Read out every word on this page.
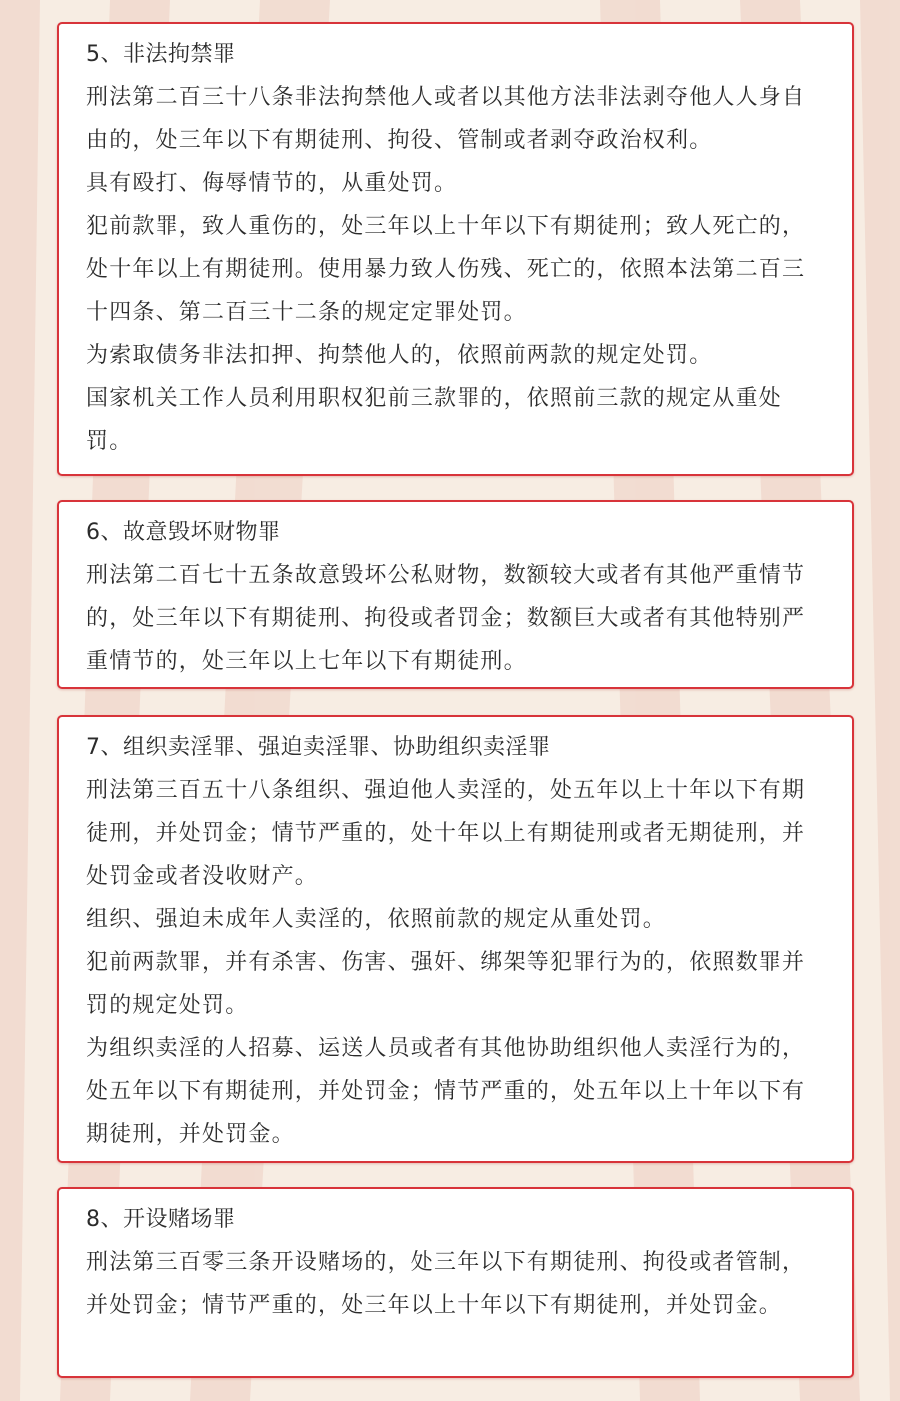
5、非法拘禁罪

刑法第二百三十八条非法拘禁他人或者以其他方法非法剥夺他人人身自由的，处三年以下有期徒刑、拘役、管制或者剥夺政治权利。

具有殴打、侮辱情节的，从重处罚。

犯前款罪，致人重伤的，处三年以上十年以下有期徒刑；致人死亡的，处十年以上有期徒刑。使用暴力致人伤残、死亡的，依照本法第二百三十四条、第二百三十二条的规定定罪处罚。

为索取债务非法扣押、拘禁他人的，依照前两款的规定处罚。

国家机关工作人员利用职权犯前三款罪的，依照前三款的规定从重处罚。

6、故意毁坏财物罪

刑法第二百七十五条故意毁坏公私财物，数额较大或者有其他严重情节的，处三年以下有期徒刑、拘役或者罚金；数额巨大或者有其他特别严重情节的，处三年以上七年以下有期徒刑。

7、组织卖淫罪、强迫卖淫罪、协助组织卖淫罪

刑法第三百五十八条组织、强迫他人卖淫的，处五年以上十年以下有期徒刑，并处罚金；情节严重的，处十年以上有期徒刑或者无期徒刑，并处罚金或者没收财产。

组织、强迫未成年人卖淫的，依照前款的规定从重处罚。

犯前两款罪，并有杀害、伤害、强奸、绑架等犯罪行为的，依照数罪并罚的规定处罚。

为组织卖淫的人招募、运送人员或者有其他协助组织他人卖淫行为的，处五年以下有期徒刑，并处罚金；情节严重的，处五年以上十年以下有期徒刑，并处罚金。

8、开设赌场罪

刑法第三百零三条开设赌场的，处三年以下有期徒刑、拘役或者管制，并处罚金；情节严重的，处三年以上十年以下有期徒刑，并处罚金。
